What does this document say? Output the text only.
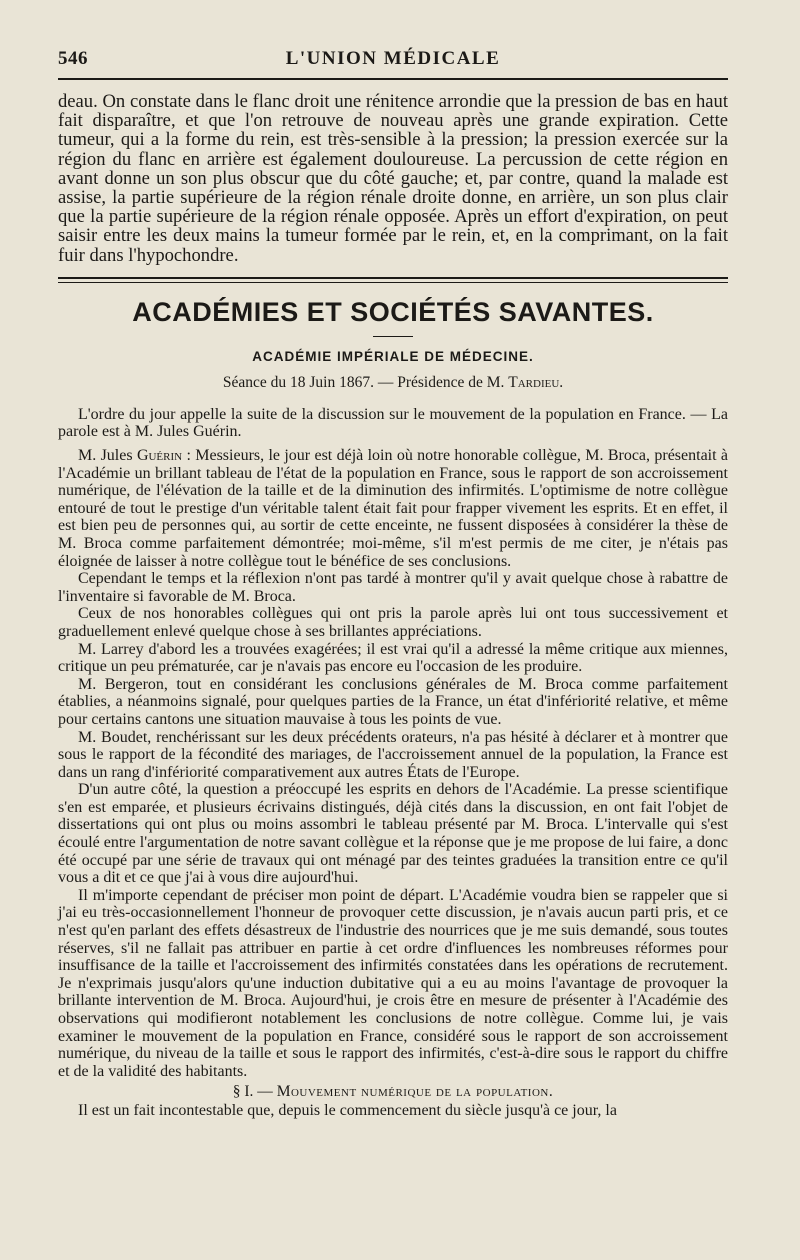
546	L'UNION MÉDICALE

deau. On constate dans le flanc droit une rénitence arrondie que la pression de bas en haut fait disparaître, et que l'on retrouve de nouveau après une grande expiration. Cette tumeur, qui a la forme du rein, est très-sensible à la pression; la pression exercée sur la région du flanc en arrière est également douloureuse. La percussion de cette région en avant donne un son plus obscur que du côté gauche; et, par contre, quand la malade est assise, la partie supérieure de la région rénale droite donne, en arrière, un son plus clair que la partie supérieure de la région rénale opposée. Après un effort d'expiration, on peut saisir entre les deux mains la tumeur formée par le rein, et, en la comprimant, on la fait fuir dans l'hypochondre.

ACADÉMIES ET SOCIÉTÉS SAVANTES.
ACADÉMIE IMPÉRIALE DE MÉDECINE.
Séance du 18 Juin 1867. — Présidence de M. Tardieu.

L'ordre du jour appelle la suite de la discussion sur le mouvement de la population en France. — La parole est à M. Jules Guérin.

M. Jules Guérin : Messieurs, le jour est déjà loin où notre honorable collègue, M. Broca, présentait à l'Académie un brillant tableau de l'état de la population en France, sous le rapport de son accroissement numérique, de l'élévation de la taille et de la diminution des infirmités. L'optimisme de notre collègue entouré de tout le prestige d'un véritable talent était fait pour frapper vivement les esprits. Et en effet, il est bien peu de personnes qui, au sortir de cette enceinte, ne fussent disposées à considérer la thèse de M. Broca comme parfaitement démontrée; moi-même, s'il m'est permis de me citer, je n'étais pas éloignée de laisser à notre collègue tout le bénéfice de ses conclusions.

Cependant le temps et la réflexion n'ont pas tardé à montrer qu'il y avait quelque chose à rabattre de l'inventaire si favorable de M. Broca.

Ceux de nos honorables collègues qui ont pris la parole après lui ont tous successivement et graduellement enlevé quelque chose à ses brillantes appréciations.

M. Larrey d'abord les a trouvées exagérées; il est vrai qu'il a adressé la même critique aux miennes, critique un peu prématurée, car je n'avais pas encore eu l'occasion de les produire.

M. Bergeron, tout en considérant les conclusions générales de M. Broca comme parfaitement établies, a néanmoins signalé, pour quelques parties de la France, un état d'infériorité relative, et même pour certains cantons une situation mauvaise à tous les points de vue.

M. Boudet, renchérissant sur les deux précédents orateurs, n'a pas hésité à déclarer et à montrer que sous le rapport de la fécondité des mariages, de l'accroissement annuel de la population, la France est dans un rang d'infériorité comparativement aux autres États de l'Europe.

D'un autre côté, la question a préoccupé les esprits en dehors de l'Académie. La presse scientifique s'en est emparée, et plusieurs écrivains distingués, déjà cités dans la discussion, en ont fait l'objet de dissertations qui ont plus ou moins assombri le tableau présenté par M. Broca. L'intervalle qui s'est écoulé entre l'argumentation de notre savant collègue et la réponse que je me propose de lui faire, a donc été occupé par une série de travaux qui ont ménagé par des teintes graduées la transition entre ce qu'il vous a dit et ce que j'ai à vous dire aujourd'hui.

Il m'importe cependant de préciser mon point de départ. L'Académie voudra bien se rappeler que si j'ai eu très-occasionnellement l'honneur de provoquer cette discussion, je n'avais aucun parti pris, et ce n'est qu'en parlant des effets désastreux de l'industrie des nourrices que je me suis demandé, sous toutes réserves, s'il ne fallait pas attribuer en partie à cet ordre d'influences les nombreuses réformes pour insuffisance de la taille et l'accroissement des infirmités constatées dans les opérations de recrutement. Je n'exprimais jusqu'alors qu'une induction dubitative qui a eu au moins l'avantage de provoquer la brillante intervention de M. Broca. Aujourd'hui, je crois être en mesure de présenter à l'Académie des observations qui modifieront notablement les conclusions de notre collègue. Comme lui, je vais examiner le mouvement de la population en France, considéré sous le rapport de son accroissement numérique, du niveau de la taille et sous le rapport des infirmités, c'est-à-dire sous le rapport du chiffre et de la validité des habitants.

§ I. — Mouvement numérique de la population.

Il est un fait incontestable que, depuis le commencement du siècle jusqu'à ce jour, la
